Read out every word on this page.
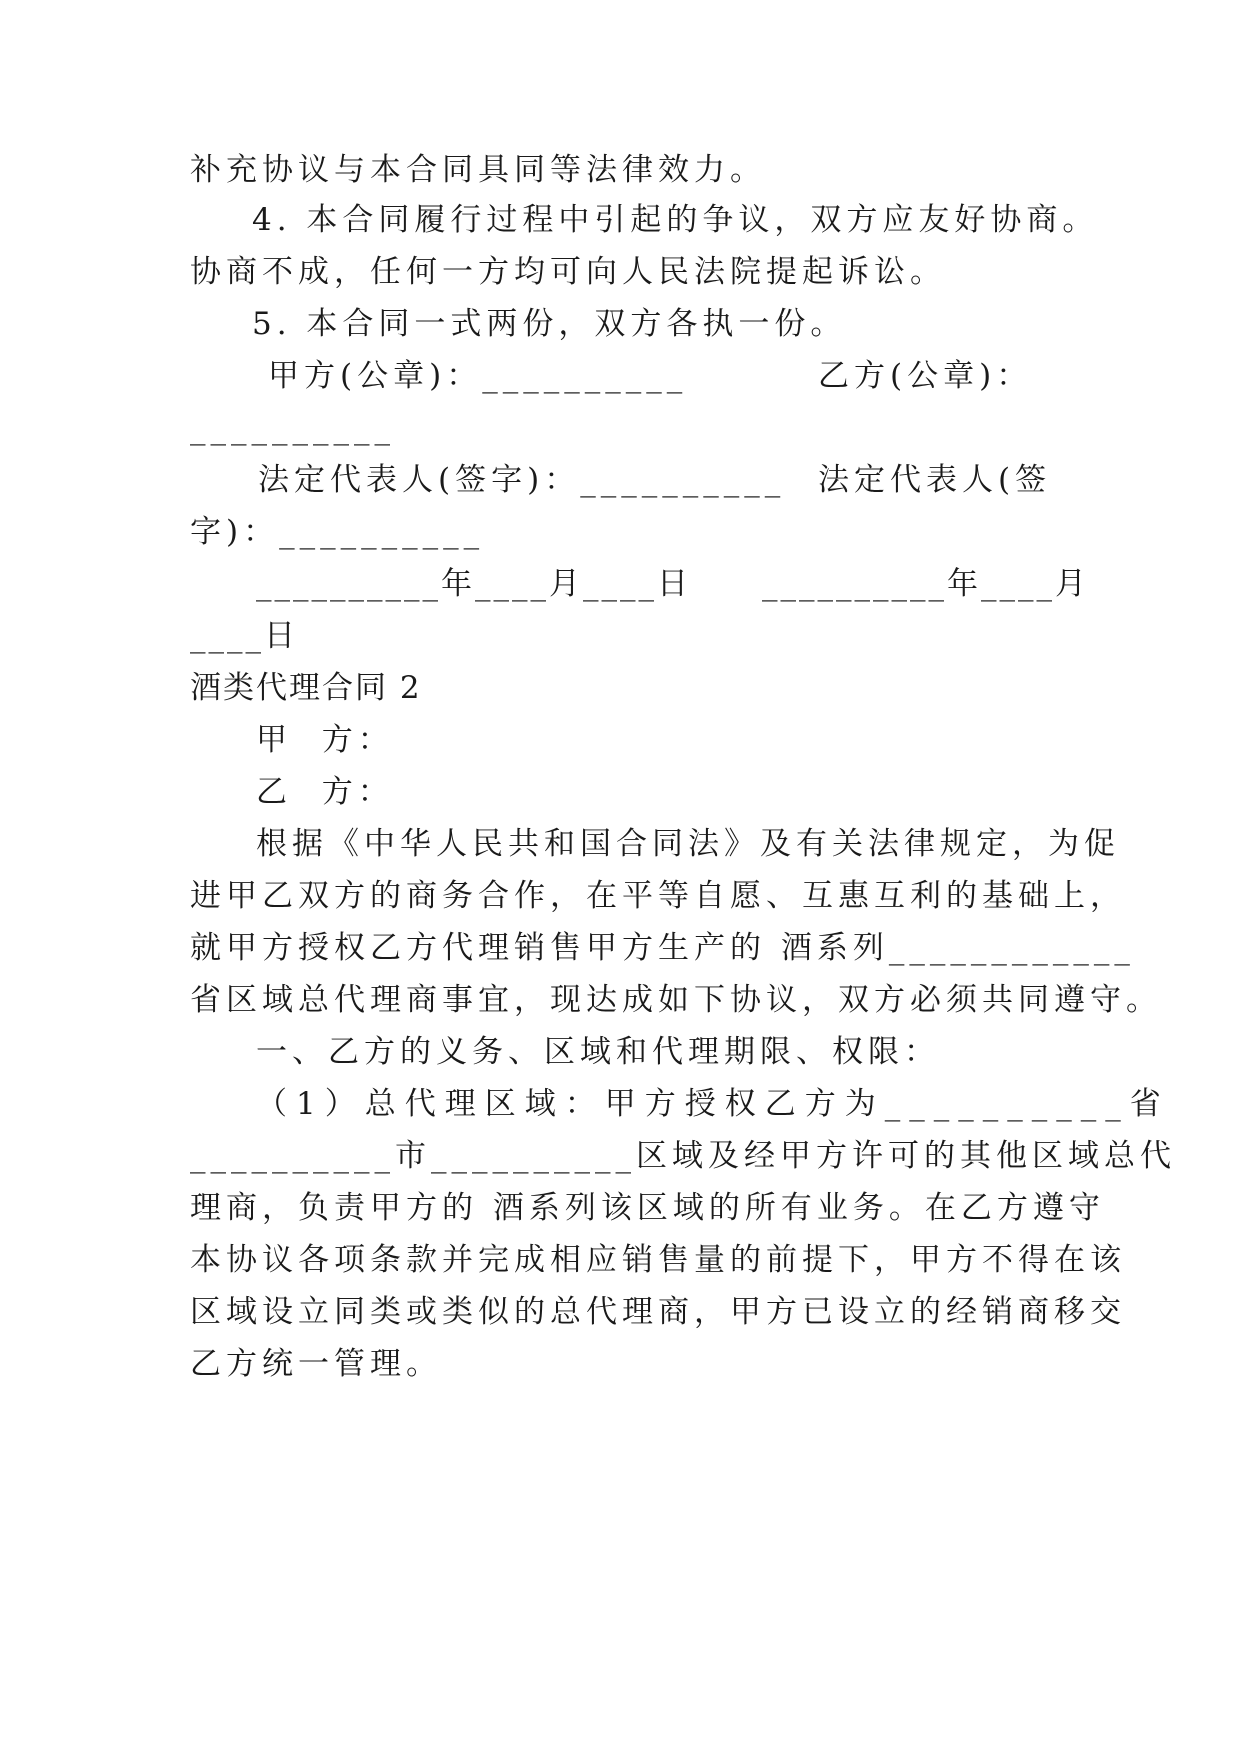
补充协议与本合同具同等法律效力。
4. 本合同履行过程中引起的争议，双方应友好协商。
协商不成，任何一方均可向人民法院提起诉讼。
5. 本合同一式两份，双方各执一份。
甲方(公章)：__________	乙方(公章)：
__________
法定代表人(签字)：__________ 法定代表人(签
字)：__________
__________年____月____日 __________年____月
____日
酒类代理合同 2
甲  方：
乙  方：
根据《中华人民共和国合同法》及有关法律规定，为促
进甲乙双方的商务合作，在平等自愿、互惠互利的基础上，
就甲方授权乙方代理销售甲方生产的 酒系列____________
省区域总代理商事宜，现达成如下协议，双方必须共同遵守。
一、乙方的义务、区域和代理期限、权限：
（1）总代理区域：甲方授权乙方为__________省
__________市__________区域及经甲方许可的其他区域总代
理商，负责甲方的 酒系列该区域的所有业务。在乙方遵守
本协议各项条款并完成相应销售量的前提下，甲方不得在该
区域设立同类或类似的总代理商，甲方已设立的经销商移交
乙方统一管理。
